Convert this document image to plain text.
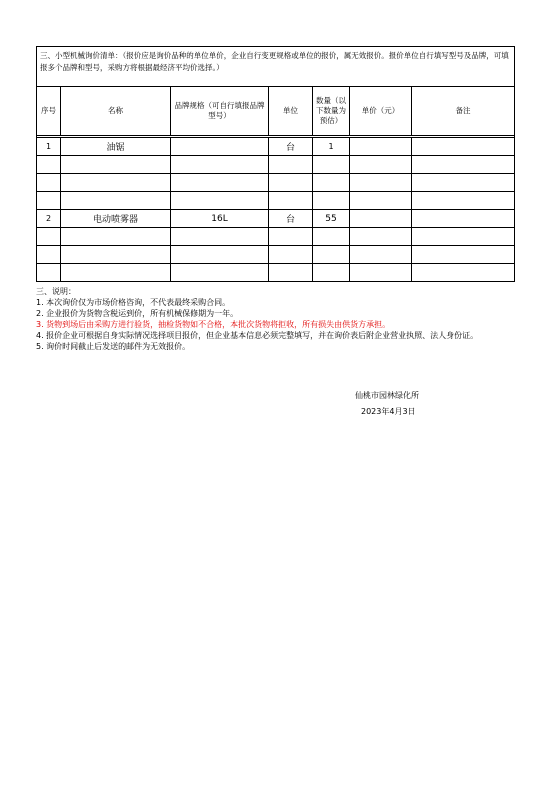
三、小型机械询价清单：（报价应是询价品种的单位单价，企业自行变更规格或单位的报价，属无效报价。报价单位自行填写型号及品牌，可填报多个品牌和型号，采购方将根据最经济平均价选择。）						
序号	名称	品牌规格（可自行填报品牌型号）	单位	数量（以下数量为预估）	单价（元）	备注

1	油锯		台	1		

2	电动喷雾器	16L	台	55		

三、说明：
1. 本次询价仅为市场价格咨询，不代表最终采购合同。
2. 企业报价为货物含税运到价，所有机械保修期为一年。
3. 货物到场后由采购方进行验货，抽检货物如不合格，本批次货物将拒收，所有损失由供货方承担。
4. 报价企业可根据自身实际情况选择项目报价，但企业基本信息必须完整填写，并在询价表后附企业营业执照、法人身份证。
5. 询价时间截止后发送的邮件为无效报价。
仙桃市园林绿化所
2023年4月3日
